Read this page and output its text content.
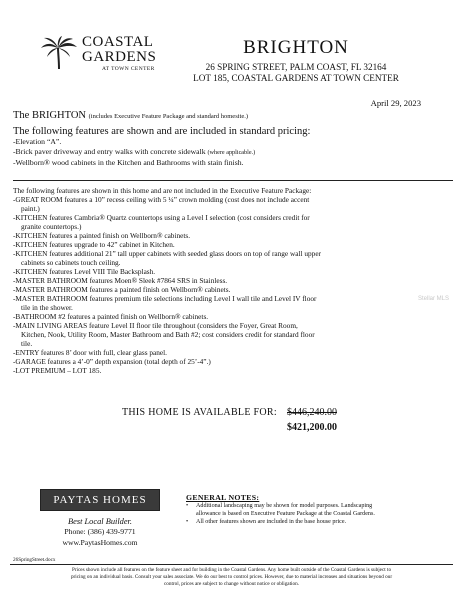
COASTAL
GARDENS
AT TOWN CENTER
BRIGHTON
26 SPRING STREET, PALM COAST, FL 32164
LOT 185, COASTAL GARDENS AT TOWN CENTER
April 29, 2023
The BRIGHTON (includes Executive Feature Package and standard homesite.)
The following features are shown and are included in standard pricing:
-Elevation “A”.
-Brick paver driveway and entry walks with concrete sidewalk (where applicable.)
-Wellborn® wood cabinets in the Kitchen and Bathrooms with stain finish.
The following features are shown in this home and are not included in the Executive Feature Package:
-GREAT ROOM features a 10” recess ceiling with 5 ¼” crown molding (cost does not include accent
paint.)
-KITCHEN features Cambria® Quartz countertops using a Level I selection (cost considers credit for
granite countertops.)
-KITCHEN features a painted finish on Wellborn® cabinets.
-KITCHEN features upgrade to 42” cabinet in Kitchen.
-KITCHEN features additional 21” tall upper cabinets with seeded glass doors on top of range wall upper
cabinets so cabinets touch ceiling.
-KITCHEN features Level VIII Tile Backsplash.
-MASTER BATHROOM features Moen® Sleek #7864 SRS in Stainless.
-MASTER BATHROOM features a painted finish on Wellborn® cabinets.
-MASTER BATHROOM features premium tile selections including Level I wall tile and Level IV floor
tile in the shower.
-BATHROOM #2 features a painted finish on Wellborn® cabinets.
-MAIN LIVING AREAS feature Level II floor tile throughout (considers the Foyer, Great Room,
Kitchen, Nook, Utility Room, Master Bathroom and Bath #2; cost considers credit for standard floor
tile.
-ENTRY features 8’ door with full, clear glass panel.
-GARAGE features a 4’-0” depth expansion (total depth of 25’-4”.)
-LOT PREMIUM – LOT 185.
THIS HOME IS AVAILABLE FOR: $446,240.00
$421,200.00
PAYTAS HOMES
Best Local Builder.
Phone: (386) 439-9771
www.PaytasHomes.com
GENERAL NOTES:
• Additional landscaping may be shown for model purposes. Landscaping
allowance is based on Executive Feature Package at the Coastal Gardens.
• All other features shown are included in the base house price.
26SpringStreet.docx
Prices shown include all features on the feature sheet and for building in the Coastal Gardens. Any home built outside of the Coastal Gardens is subject to
pricing on an individual basis. Consult your sales associate. We do our best to control prices. However, due to material increases and situations beyond our
control, prices are subject to change without notice or obligation.
Stellar MLS
